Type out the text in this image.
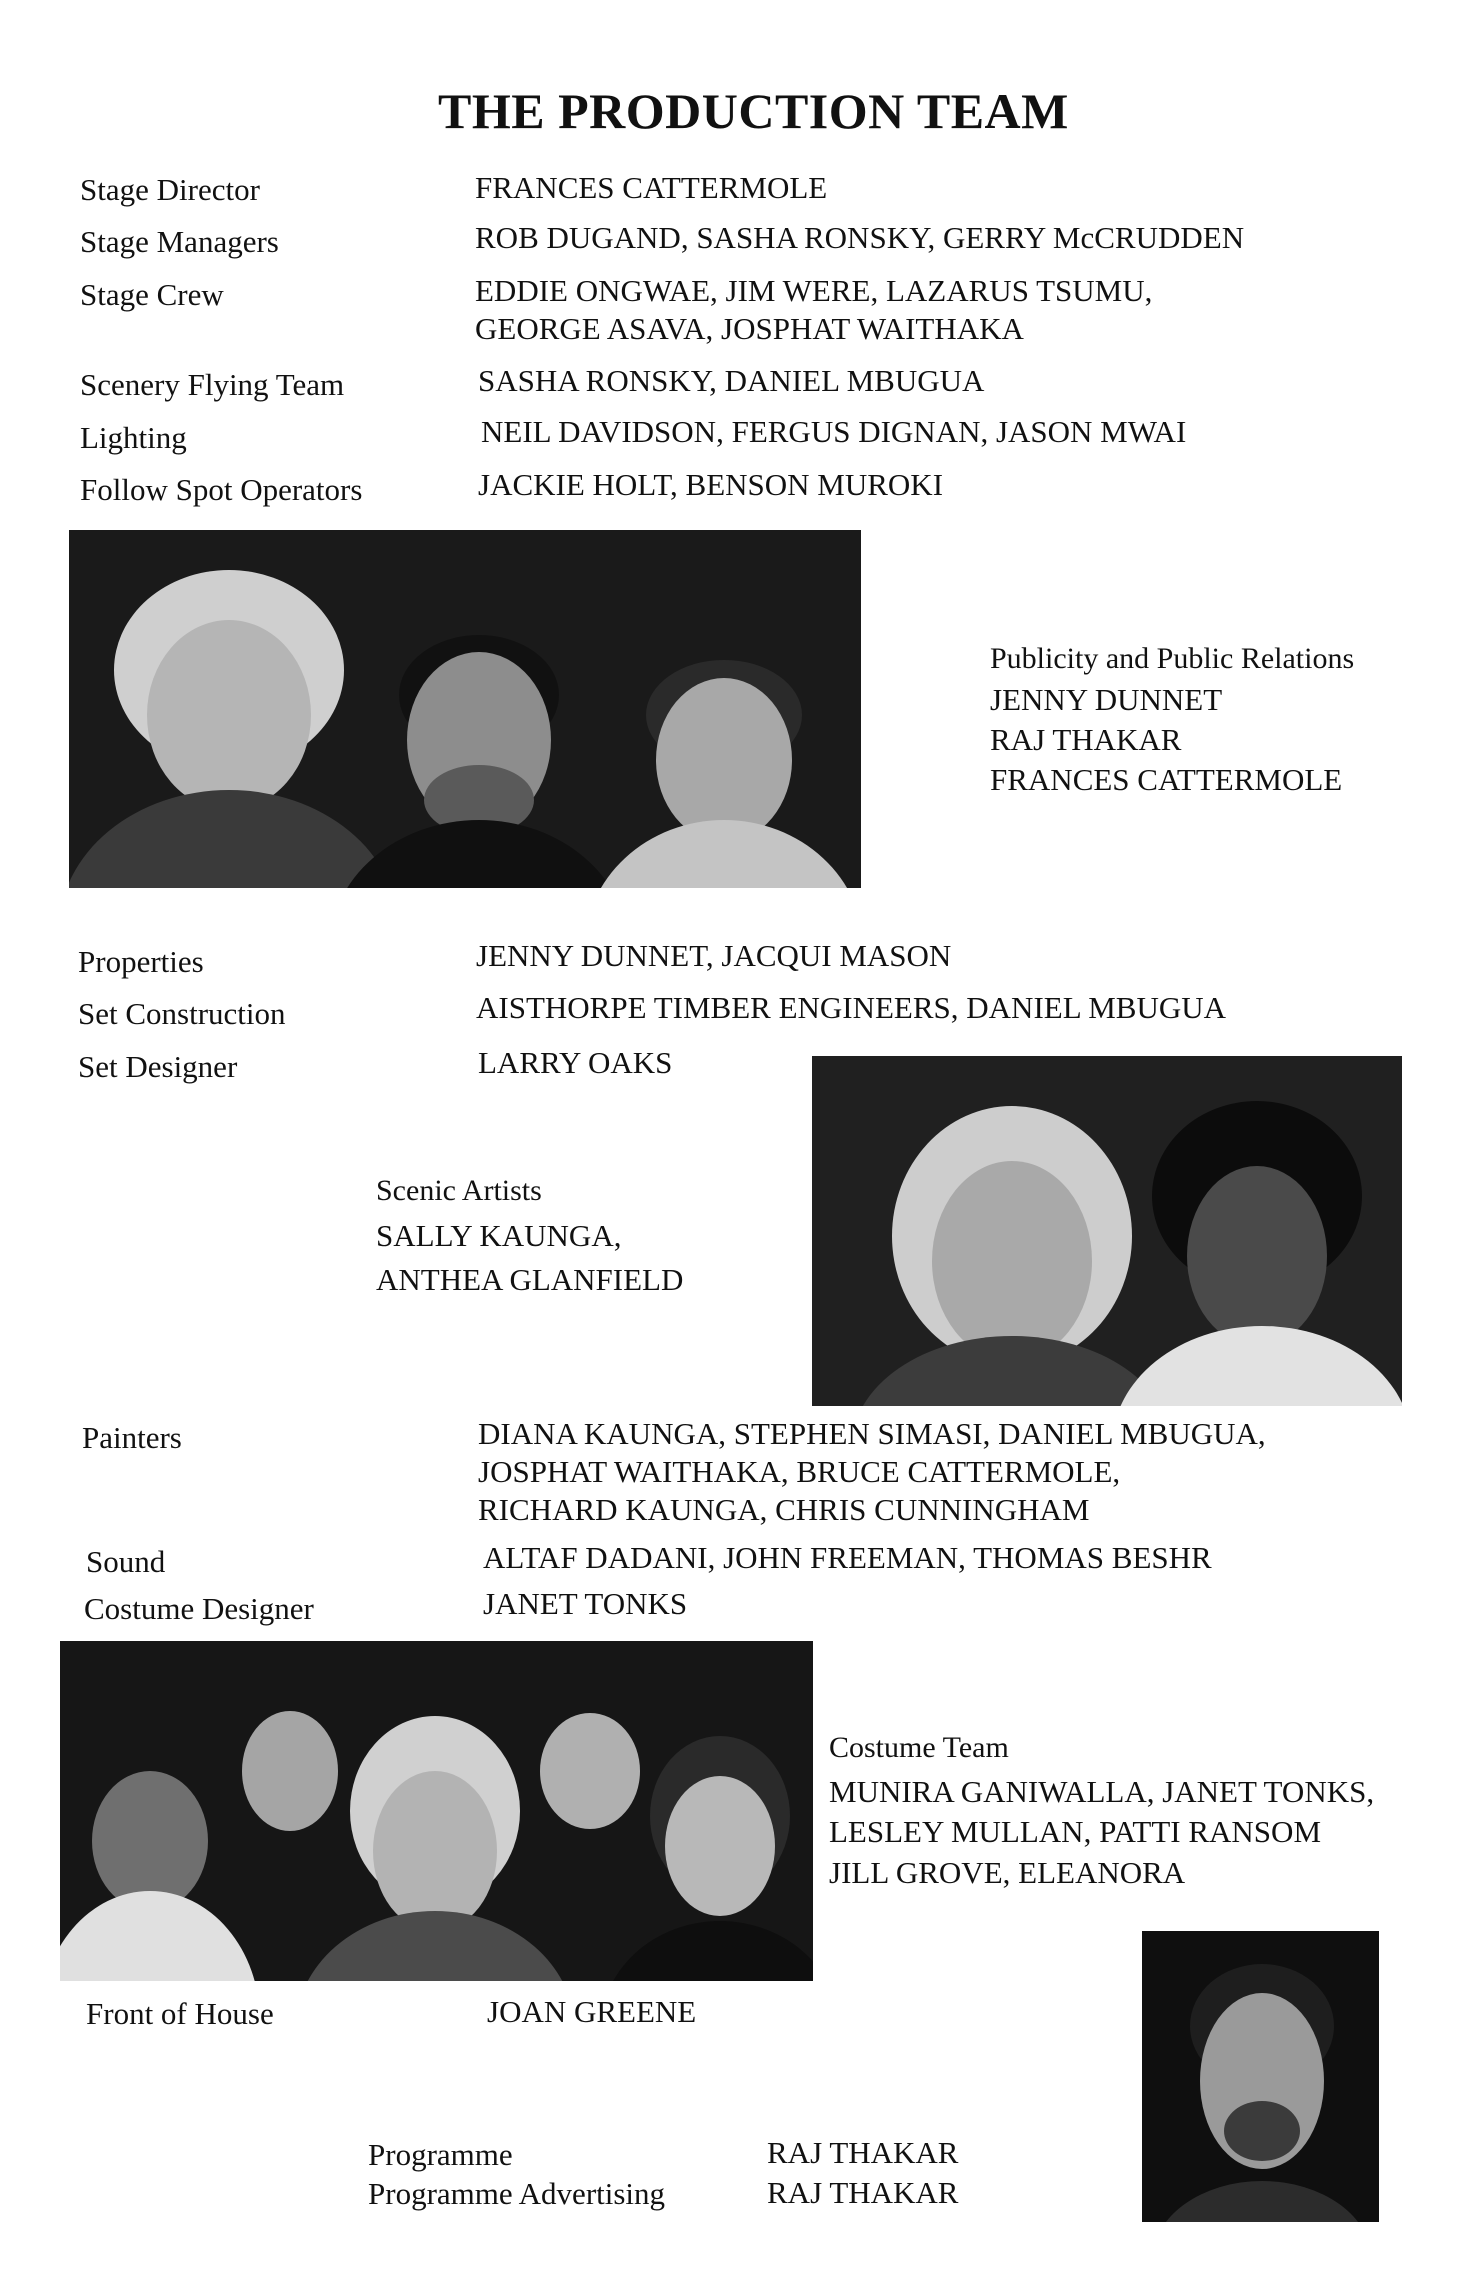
THE PRODUCTION TEAM
Stage Director	FRANCES CATTERMOLE
Stage Managers	ROB DUGAND, SASHA RONSKY, GERRY McCRUDDEN
Stage Crew	EDDIE ONGWAE, JIM WERE, LAZARUS TSUMU,
GEORGE ASAVA, JOSPHAT WAITHAKA
Scenery Flying Team	SASHA RONSKY, DANIEL MBUGUA
Lighting	NEIL DAVIDSON, FERGUS DIGNAN, JASON MWAI
Follow Spot Operators	JACKIE HOLT, BENSON MUROKI
Publicity and Public Relations
JENNY DUNNET
RAJ THAKAR
FRANCES CATTERMOLE
Properties	JENNY DUNNET, JACQUI MASON
Set Construction	AISTHORPE TIMBER ENGINEERS, DANIEL MBUGUA
Set Designer	LARRY OAKS
Scenic Artists
SALLY KAUNGA,
ANTHEA GLANFIELD
Painters	DIANA KAUNGA, STEPHEN SIMASI, DANIEL MBUGUA,
JOSPHAT WAITHAKA, BRUCE CATTERMOLE,
RICHARD KAUNGA, CHRIS CUNNINGHAM
Sound	ALTAF DADANI, JOHN FREEMAN, THOMAS BESHR
Costume Designer	JANET TONKS
Costume Team
MUNIRA GANIWALLA, JANET TONKS,
LESLEY MULLAN, PATTI RANSOM
JILL GROVE, ELEANORA
Front of House	JOAN GREENE
Programme	RAJ THAKAR
Programme Advertising	RAJ THAKAR
